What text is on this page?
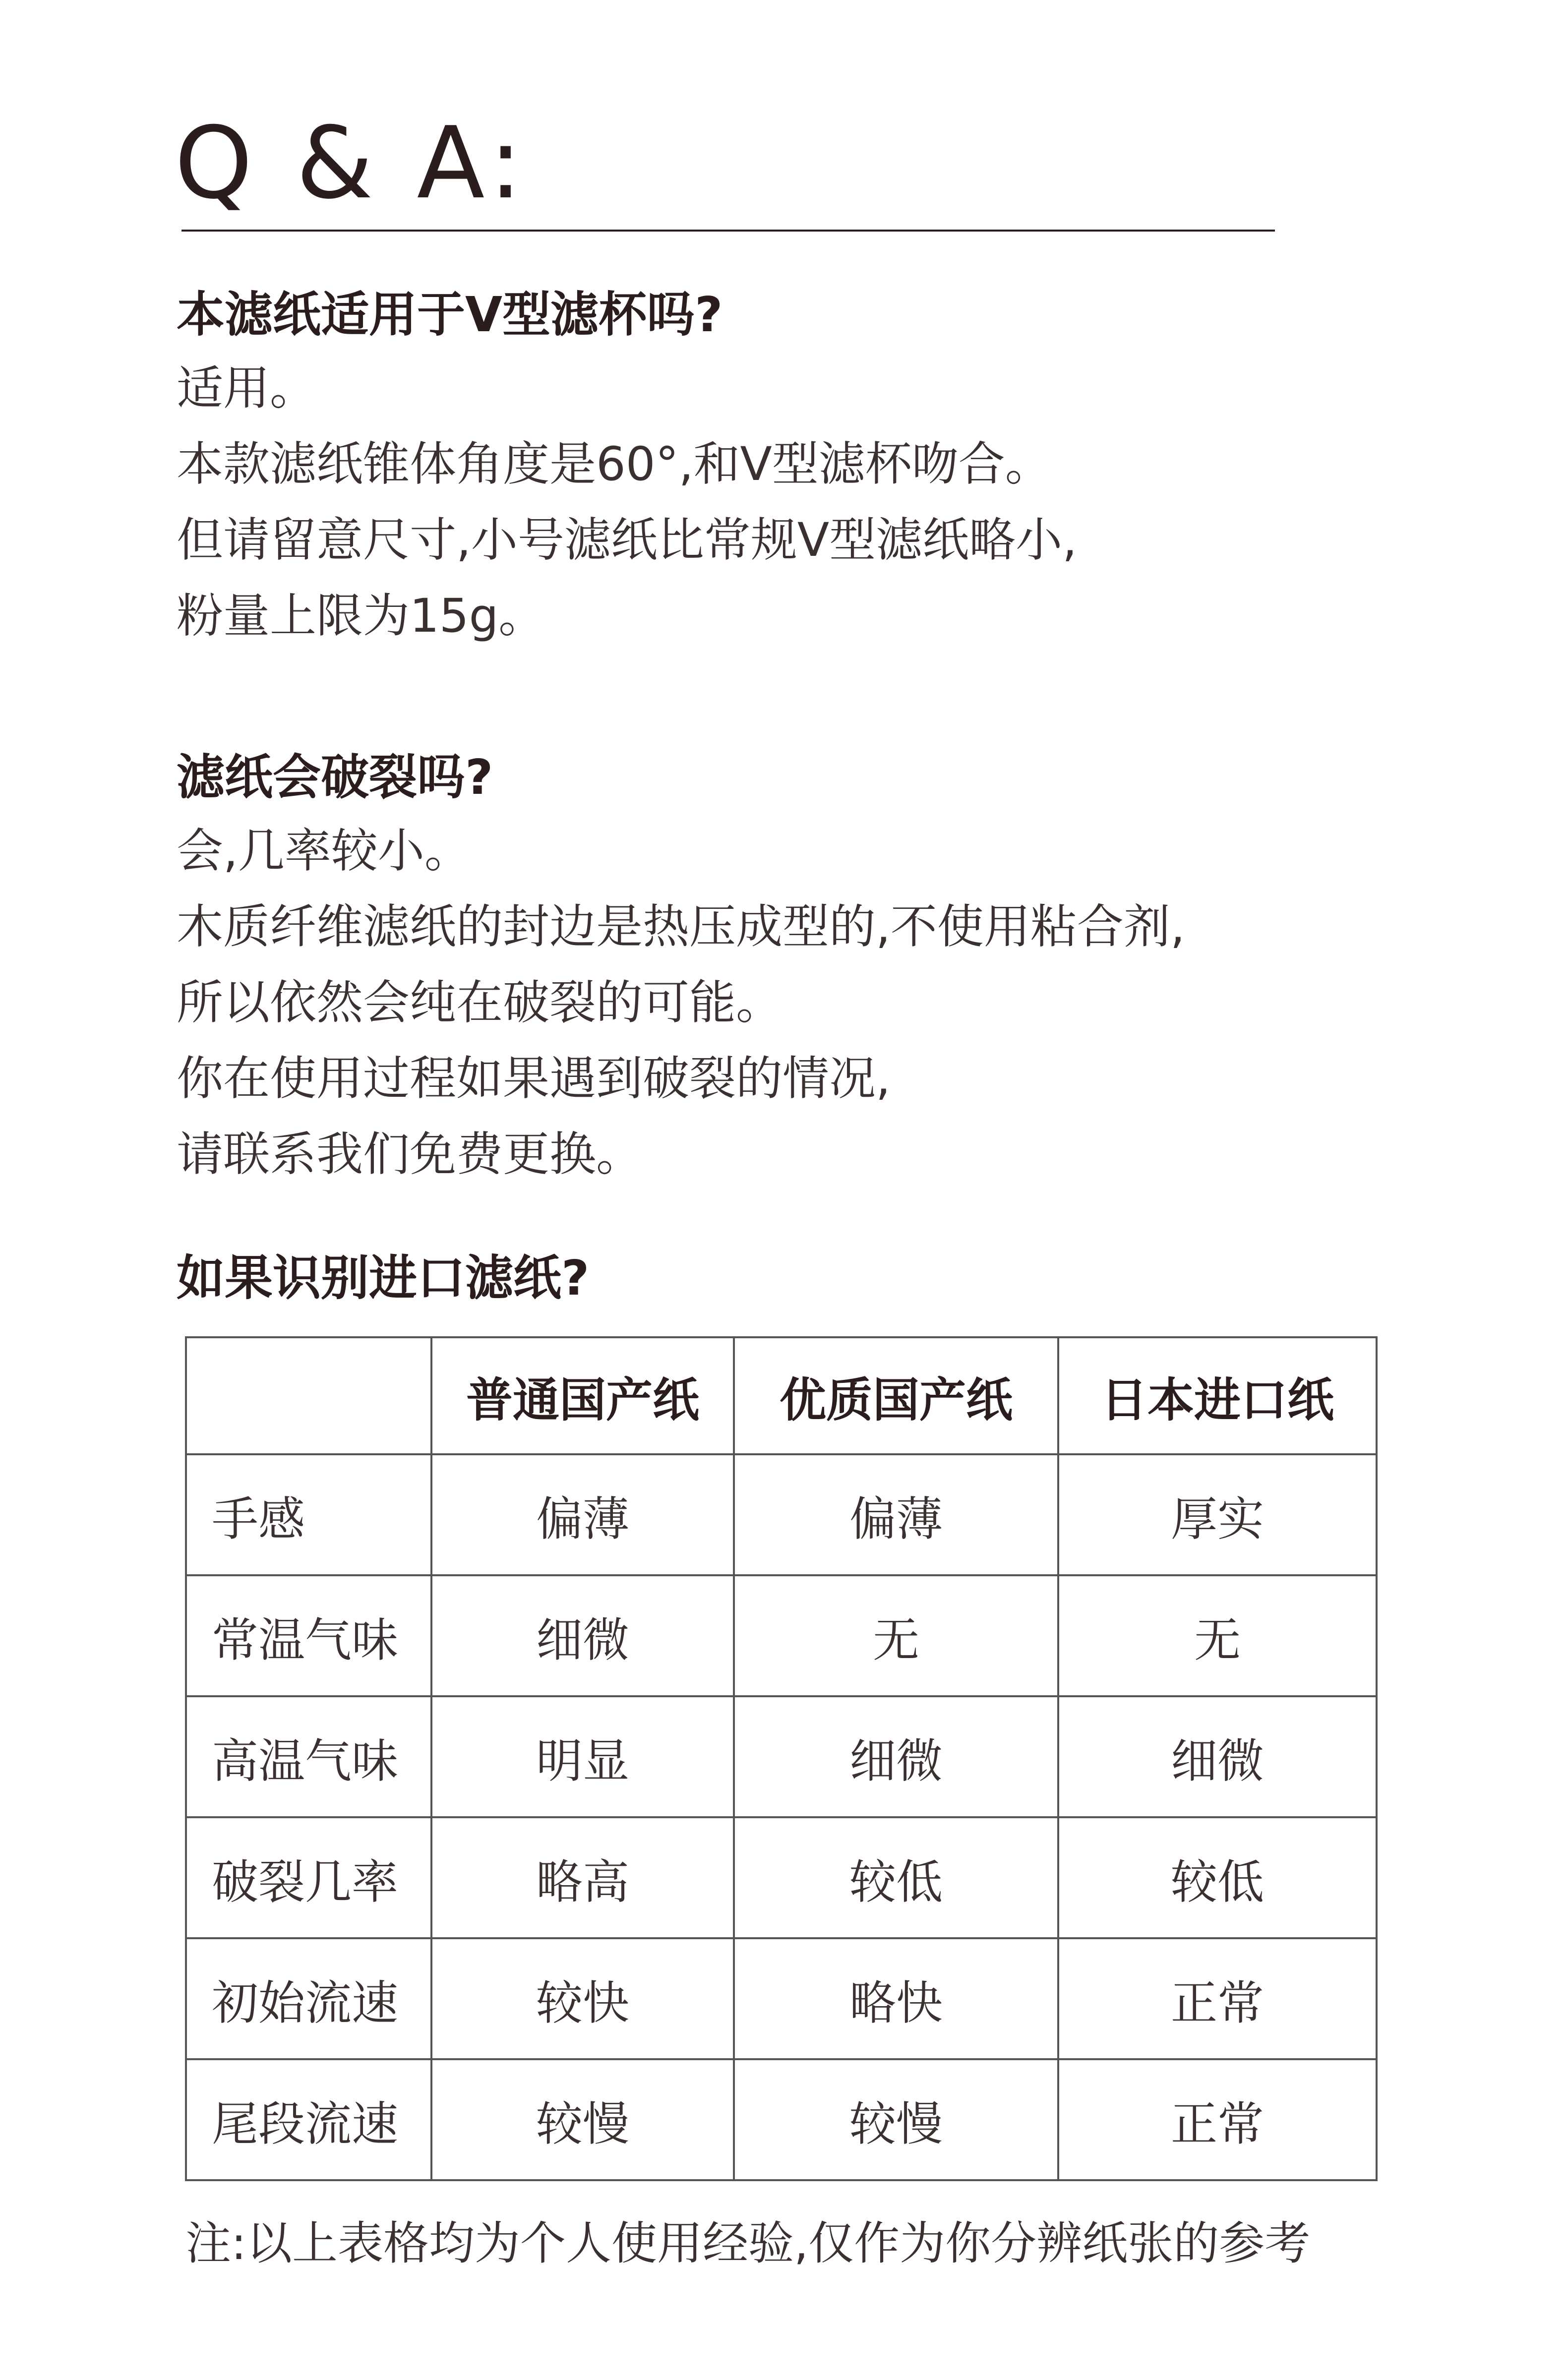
Q & A:
本滤纸适用于V型滤杯吗?
适用。
本款滤纸锥体角度是60°,和V型滤杯吻合。
但请留意尺寸,小号滤纸比常规V型滤纸略小,
粉量上限为15g。
滤纸会破裂吗?
会,几率较小。
木质纤维滤纸的封边是热压成型的,不使用粘合剂,
所以依然会纯在破裂的可能。
你在使用过程如果遇到破裂的情况,
请联系我们免费更换。
如果识别进口滤纸?
	普通国产纸	优质国产纸	日本进口纸
手感	偏薄	偏薄	厚实
常温气味	细微	无	无
高温气味	明显	细微	细微
破裂几率	略高	较低	较低
初始流速	较快	略快	正常
尾段流速	较慢	较慢	正常
注:以上表格均为个人使用经验,仅作为你分辨纸张的参考
